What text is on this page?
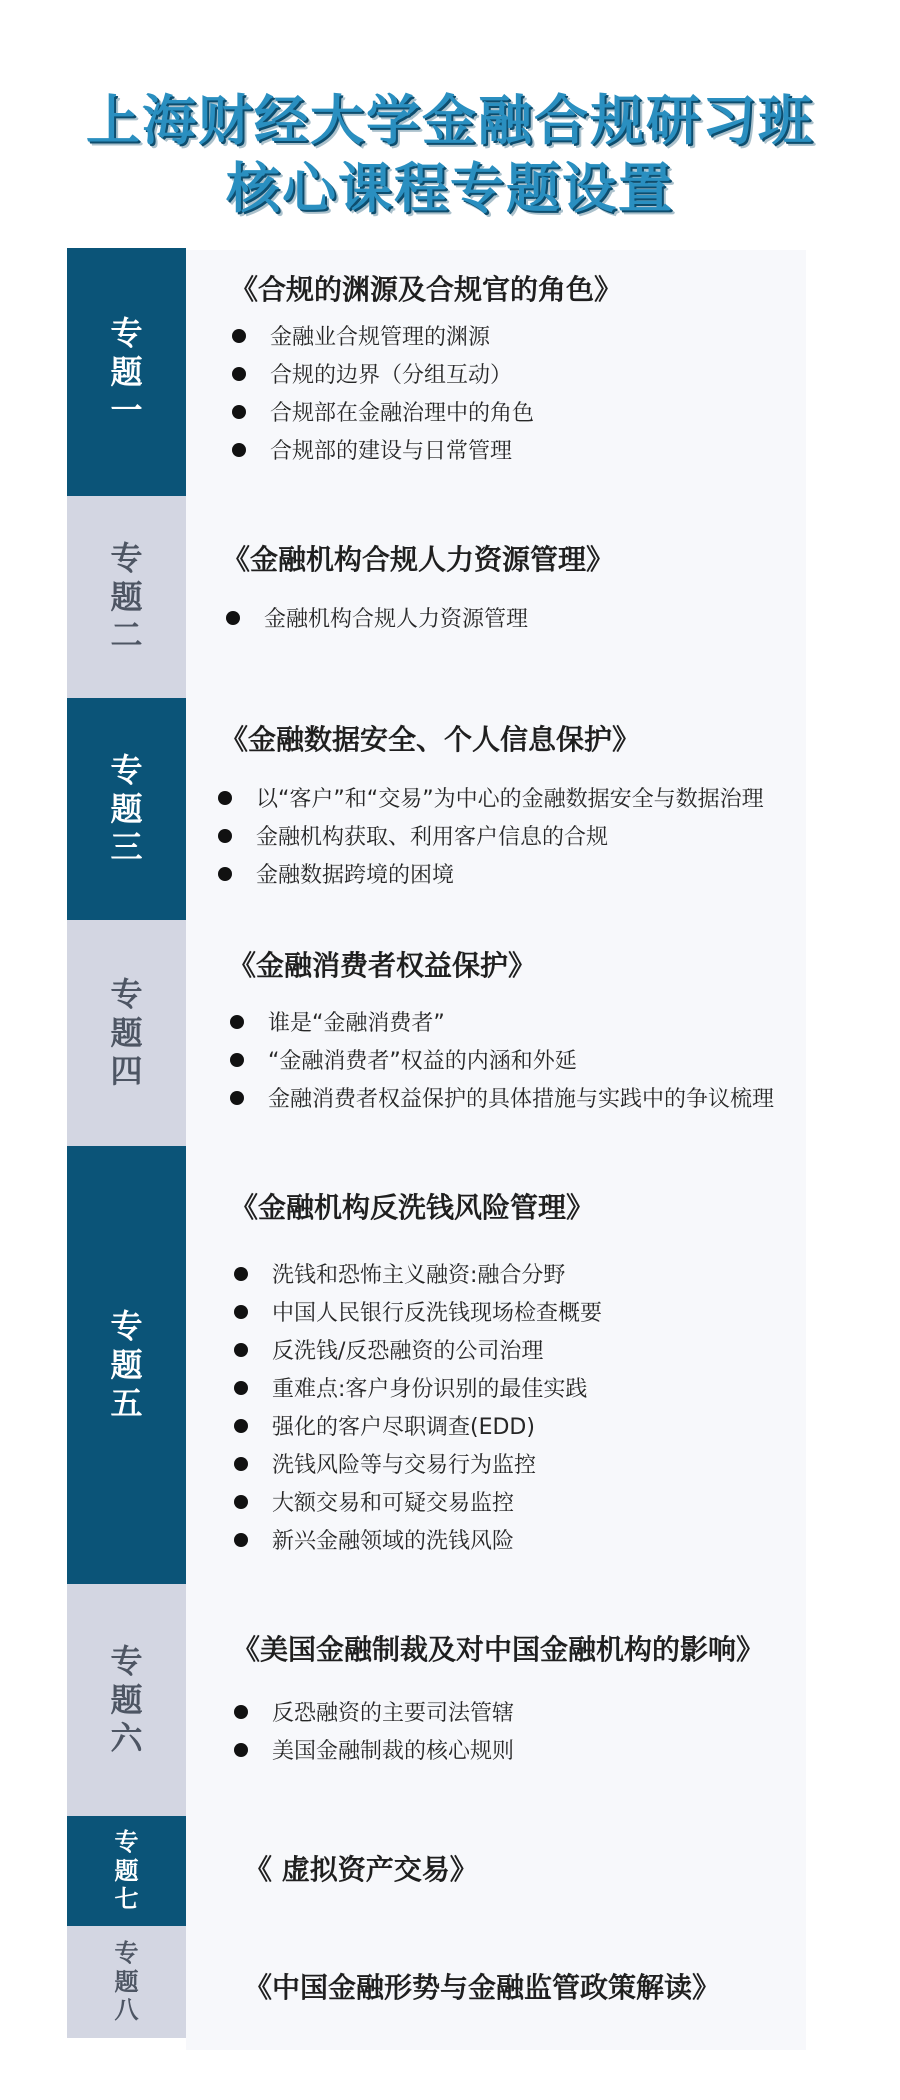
上海财经大学金融合规研习班
核心课程专题设置
专
题
一
《合规的渊源及合规官的角色》
金融业合规管理的渊源
合规的边界（分组互动）
合规部在金融治理中的角色
合规部的建设与日常管理
专
题
二
《金融机构合规人力资源管理》
金融机构合规人力资源管理
专
题
三
《金融数据安全、个人信息保护》
以“客户”和“交易”为中心的金融数据安全与数据治理
金融机构获取、利用客户信息的合规
金融数据跨境的困境
专
题
四
《金融消费者权益保护》
谁是“金融消费者”
“金融消费者”权益的内涵和外延
金融消费者权益保护的具体措施与实践中的争议梳理
专
题
五
《金融机构反洗钱风险管理》
洗钱和恐怖主义融资:融合分野
中国人民银行反洗钱现场检查概要
反洗钱/反恐融资的公司治理
重难点:客户身份识别的最佳实践
强化的客户尽职调查(EDD)
洗钱风险等与交易行为监控
大额交易和可疑交易监控
新兴金融领域的洗钱风险
专
题
六
《美国金融制裁及对中国金融机构的影响》
反恐融资的主要司法管辖
美国金融制裁的核心规则
专
题
七
《 虚拟资产交易》
专
题
八
《中国金融形势与金融监管政策解读》
